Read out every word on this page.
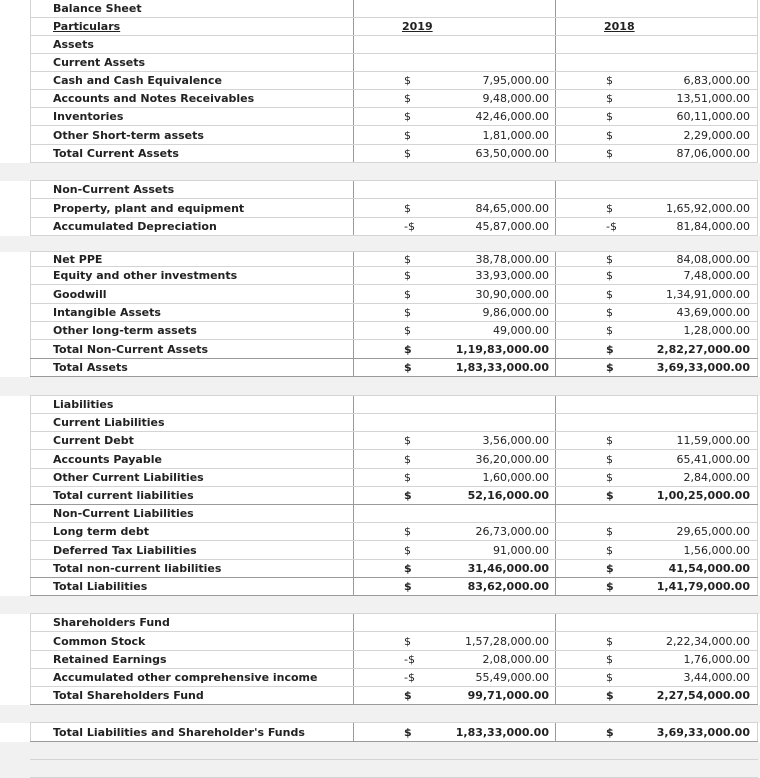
Balance Sheet
Particulars	2019	2018
Assets
Current Assets
Cash and Cash Equivalence	$	7,95,000.00	$	6,83,000.00
Accounts and Notes Receivables	$	9,48,000.00	$	13,51,000.00
Inventories	$	42,46,000.00	$	60,11,000.00
Other Short-term assets	$	1,81,000.00	$	2,29,000.00
Total Current Assets	$	63,50,000.00	$	87,06,000.00
Non-Current Assets
Property, plant and equipment	$	84,65,000.00	$	1,65,92,000.00
Accumulated Depreciation	-$	45,87,000.00	-$	81,84,000.00
Net PPE	$	38,78,000.00	$	84,08,000.00
Equity and other investments	$	33,93,000.00	$	7,48,000.00
Goodwill	$	30,90,000.00	$	1,34,91,000.00
Intangible Assets	$	9,86,000.00	$	43,69,000.00
Other long-term assets	$	49,000.00	$	1,28,000.00
Total Non-Current Assets	$	1,19,83,000.00	$	2,82,27,000.00
Total Assets	$	1,83,33,000.00	$	3,69,33,000.00
Liabilities
Current Liabilities
Current Debt	$	3,56,000.00	$	11,59,000.00
Accounts Payable	$	36,20,000.00	$	65,41,000.00
Other Current Liabilities	$	1,60,000.00	$	2,84,000.00
Total current liabilities	$	52,16,000.00	$	1,00,25,000.00
Non-Current Liabilities
Long term debt	$	26,73,000.00	$	29,65,000.00
Deferred Tax Liabilities	$	91,000.00	$	1,56,000.00
Total non-current liabilities	$	31,46,000.00	$	41,54,000.00
Total Liabilities	$	83,62,000.00	$	1,41,79,000.00
Shareholders Fund
Common Stock	$	1,57,28,000.00	$	2,22,34,000.00
Retained Earnings	-$	2,08,000.00	$	1,76,000.00
Accumulated other comprehensive income	-$	55,49,000.00	$	3,44,000.00
Total Shareholders Fund	$	99,71,000.00	$	2,27,54,000.00
Total Liabilities and Shareholder's Funds	$	1,83,33,000.00	$	3,69,33,000.00
